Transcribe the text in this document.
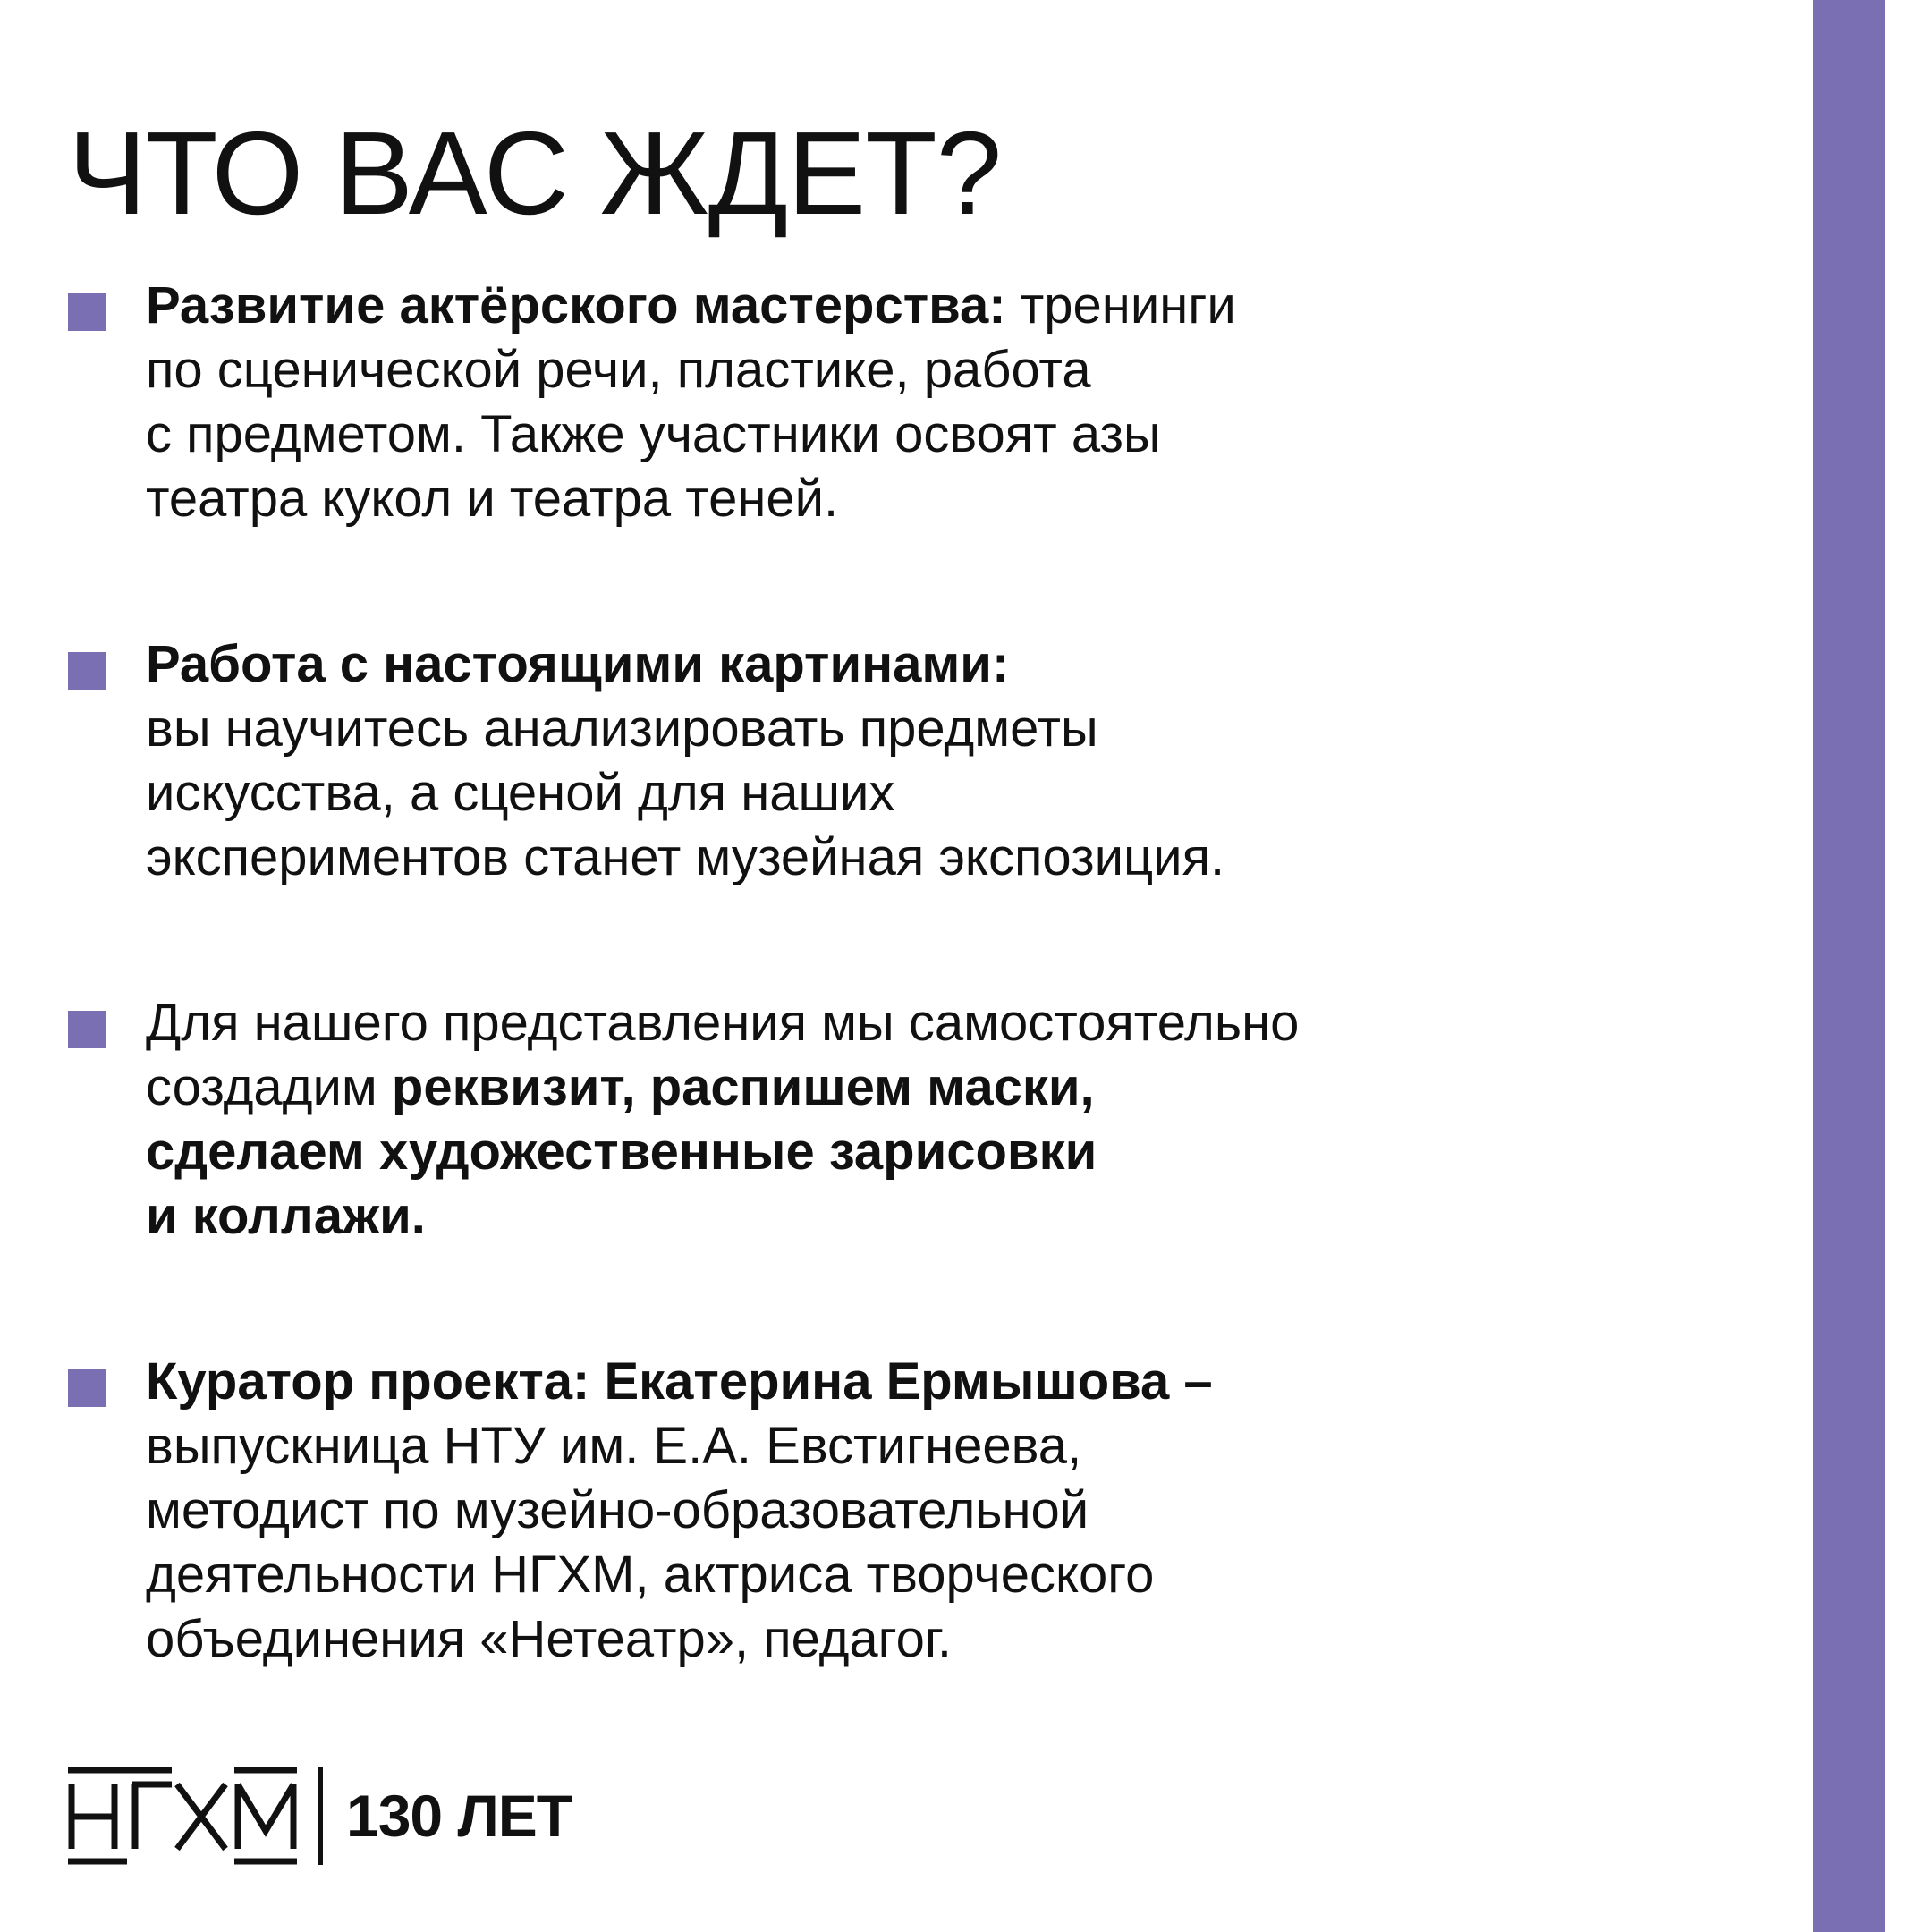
ЧТО ВАС ЖДЕТ?
Развитие актёрского мастерства: тренинги
по сценической речи, пластике, работа
с предметом. Также участники освоят азы
театра кукол и театра теней.
Работа с настоящими картинами:
вы научитесь анализировать предметы
искусства, а сценой для наших
экспериментов станет музейная экспозиция.
Для нашего представления мы самостоятельно
создадим реквизит, распишем маски,
сделаем художественные зарисовки
и коллажи.
Куратор проекта: Екатерина Ермышова –
выпускница НТУ им. Е.А. Евстигнеева,
методист по музейно-образовательной
деятельности НГХМ, актриса творческого
объединения «Нетеатр», педагог.
130 ЛЕТ
